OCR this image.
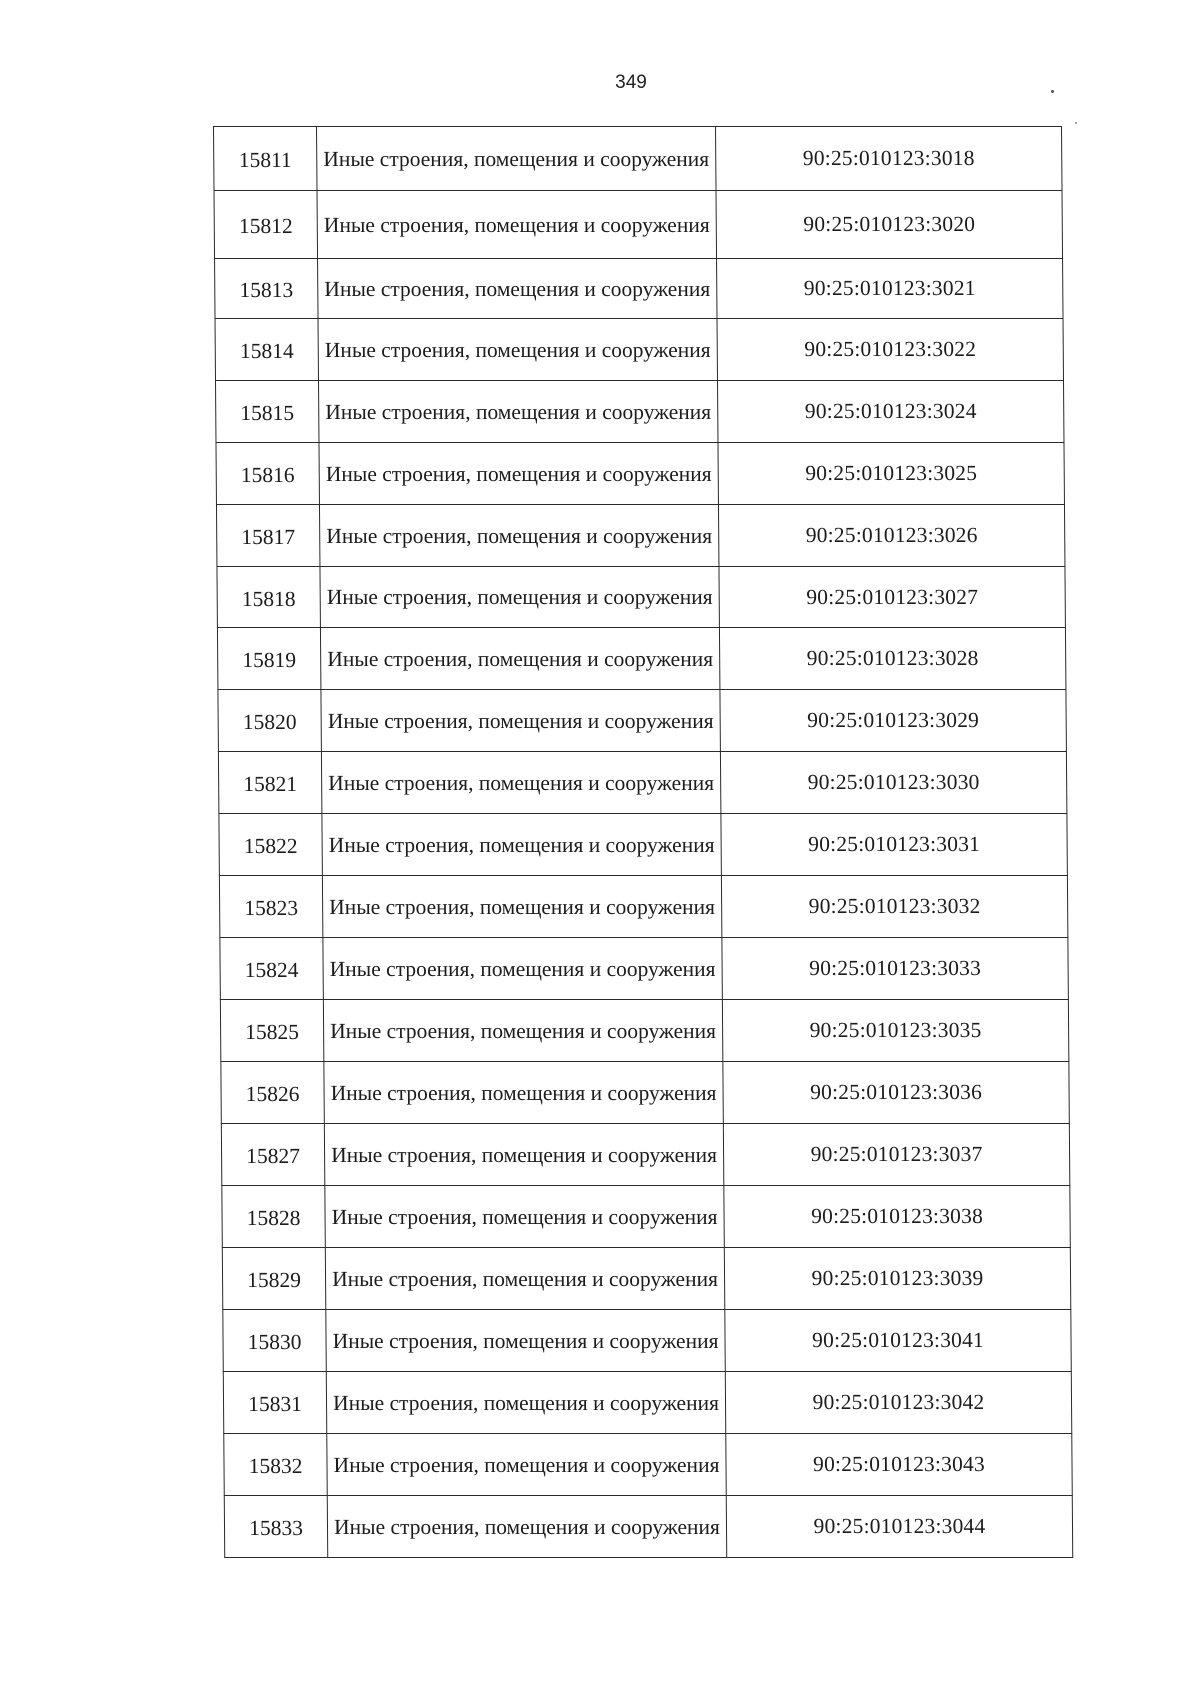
349
15811	Иные строения, помещения и сооружения	90:25:010123:3018
15812	Иные строения, помещения и сооружения	90:25:010123:3020
15813	Иные строения, помещения и сооружения	90:25:010123:3021
15814	Иные строения, помещения и сооружения	90:25:010123:3022
15815	Иные строения, помещения и сооружения	90:25:010123:3024
15816	Иные строения, помещения и сооружения	90:25:010123:3025
15817	Иные строения, помещения и сооружения	90:25:010123:3026
15818	Иные строения, помещения и сооружения	90:25:010123:3027
15819	Иные строения, помещения и сооружения	90:25:010123:3028
15820	Иные строения, помещения и сооружения	90:25:010123:3029
15821	Иные строения, помещения и сооружения	90:25:010123:3030
15822	Иные строения, помещения и сооружения	90:25:010123:3031
15823	Иные строения, помещения и сооружения	90:25:010123:3032
15824	Иные строения, помещения и сооружения	90:25:010123:3033
15825	Иные строения, помещения и сооружения	90:25:010123:3035
15826	Иные строения, помещения и сооружения	90:25:010123:3036
15827	Иные строения, помещения и сооружения	90:25:010123:3037
15828	Иные строения, помещения и сооружения	90:25:010123:3038
15829	Иные строения, помещения и сооружения	90:25:010123:3039
15830	Иные строения, помещения и сооружения	90:25:010123:3041
15831	Иные строения, помещения и сооружения	90:25:010123:3042
15832	Иные строения, помещения и сооружения	90:25:010123:3043
15833	Иные строения, помещения и сооружения	90:25:010123:3044
